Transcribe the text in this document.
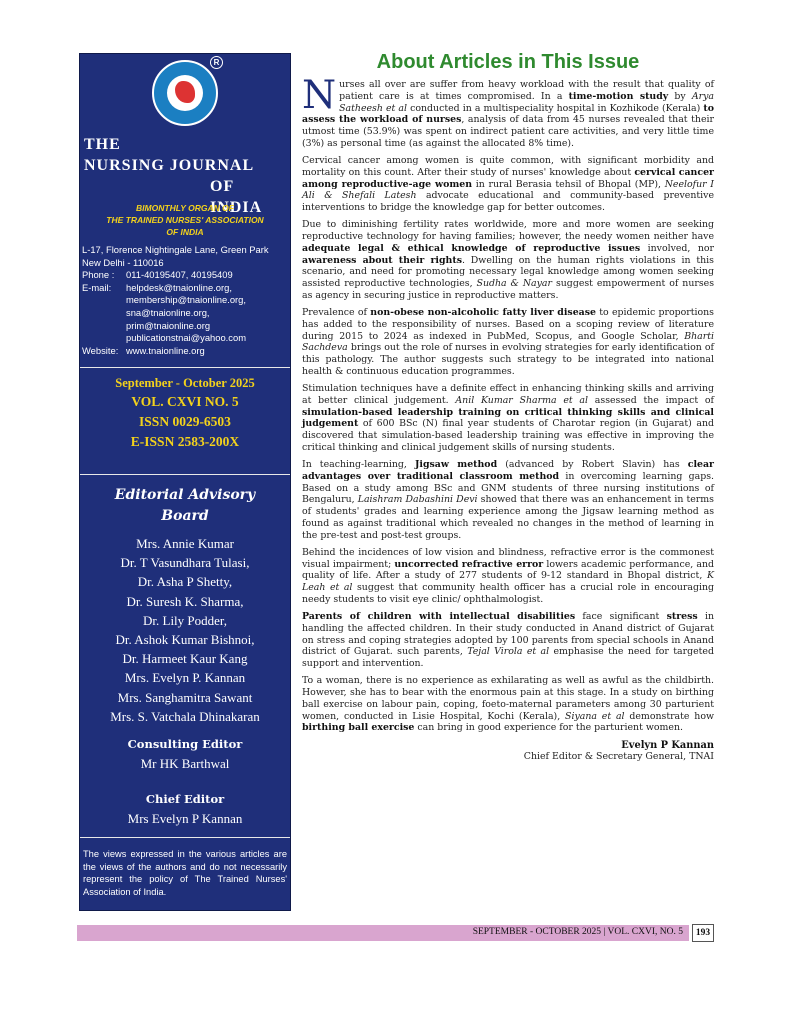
R
THE
NURSING JOURNAL
OF INDIA
BIMONTHLY ORGAN OF
THE TRAINED NURSES' ASSOCIATION
OF INDIA
L-17, Florence Nightingale Lane, Green Park
New Delhi - 110016
Phone :	011-40195407, 40195409
E-mail:	helpdesk@tnaionline.org,
membership@tnaionline.org,
sna@tnaionline.org, prim@tnaionline.org
publicationstnai@yahoo.com
Website: www.tnaionline.org
September - October 2025
VOL. CXVI NO. 5
ISSN 0029-6503
E-ISSN 2583-200X
Editorial Advisory
Board
Mrs. Annie Kumar
Dr. T Vasundhara Tulasi,
Dr. Asha P Shetty,
Dr. Suresh K. Sharma,
Dr. Lily Podder,
Dr. Ashok Kumar Bishnoi,
Dr. Harmeet Kaur Kang
Mrs. Evelyn P. Kannan
Mrs. Sanghamitra Sawant
Mrs. S. Vatchala Dhinakaran
Consulting Editor
Mr HK Barthwal
Chief Editor
Mrs Evelyn P Kannan
The views expressed in the various articles are the views of the authors and do not necessarily represent the policy of The Trained Nurses' Association of India.
About Articles in This Issue

Nurses all over are suffer from heavy workload with the result that quality of patient care is at times compromised. In a time-motion study by Arya Satheesh et al conducted in a multispeciality hospital in Kozhikode (Kerala) to assess the workload of nurses, analysis of data from 45 nurses revealed that their utmost time (53.9%) was spent on indirect patient care activities, and very little time (3%) as personal time (as against the allocated 8% time).

Cervical cancer among women is quite common, with significant morbidity and mortality on this count. After their study of nurses' knowledge about cervical cancer among reproductive-age women in rural Berasia tehsil of Bhopal (MP), Neelofur I Ali & Shefali Latesh advocate educational and community-based preventive interventions to bridge the knowledge gap for better outcomes.

Due to diminishing fertility rates worldwide, more and more women are seeking reproductive technology for having families; however, the needy women neither have adequate legal & ethical knowledge of reproductive issues involved, nor awareness about their rights. Dwelling on the human rights violations in this scenario, and need for promoting necessary legal knowledge among women seeking assisted reproductive technologies, Sudha & Nayar suggest empowerment of nurses as agency in securing justice in reproductive matters.

Prevalence of non-obese non-alcoholic fatty liver disease to epidemic proportions has added to the responsibility of nurses. Based on a scoping review of literature during 2015 to 2024 as indexed in PubMed, Scopus, and Google Scholar, Bharti Sachdeva brings out the role of nurses in evolving strategies for early identification of this pathology. The author suggests such strategy to be integrated into national health & continuous education programmes.

Stimulation techniques have a definite effect in enhancing thinking skills and arriving at better clinical judgement. Anil Kumar Sharma et al assessed the impact of simulation-based leadership training on critical thinking skills and clinical judgement of 600 BSc (N) final year students of Charotar region (in Gujarat) and discovered that simulation-based leadership training was effective in improving the critical thinking and clinical judgement skills of nursing students.

In teaching-learning, Jigsaw method (advanced by Robert Slavin) has clear advantages over traditional classroom method in overcoming learning gaps. Based on a study among BSc and GNM students of three nursing institutions of Bengaluru, Laishram Dabashini Devi showed that there was an enhancement in terms of students' grades and learning experience among the Jigsaw learning method as found as against traditional which revealed no changes in the method of learning in the pre-test and post-test groups.

Behind the incidences of low vision and blindness, refractive error is the commonest visual impairment; uncorrected refractive error lowers academic performance, and quality of life. After a study of 277 students of 9-12 standard in Bhopal district, K Leah et al suggest that community health officer has a crucial role in encouraging needy students to visit eye clinic/ ophthalmologist.

Parents of children with intellectual disabilities face significant stress in handling the affected children. In their study conducted in Anand district of Gujarat on stress and coping strategies adopted by 100 parents from special schools in Anand district of Gujarat. such parents, Tejal Virola et al emphasise the need for targeted support and intervention.

To a woman, there is no experience as exhilarating as well as awful as the childbirth. However, she has to bear with the enormous pain at this stage. In a study on birthing ball exercise on labour pain, coping, foeto-maternal parameters among 30 parturient women, conducted in Lisie Hospital, Kochi (Kerala), Siyana et al demonstrate how birthing ball exercise can bring in good experience for the parturient women.

Evelyn P Kannan
Chief Editor & Secretary General, TNAI
SEPTEMBER - OCTOBER 2025 | VOL. CXVI, NO. 5	193
